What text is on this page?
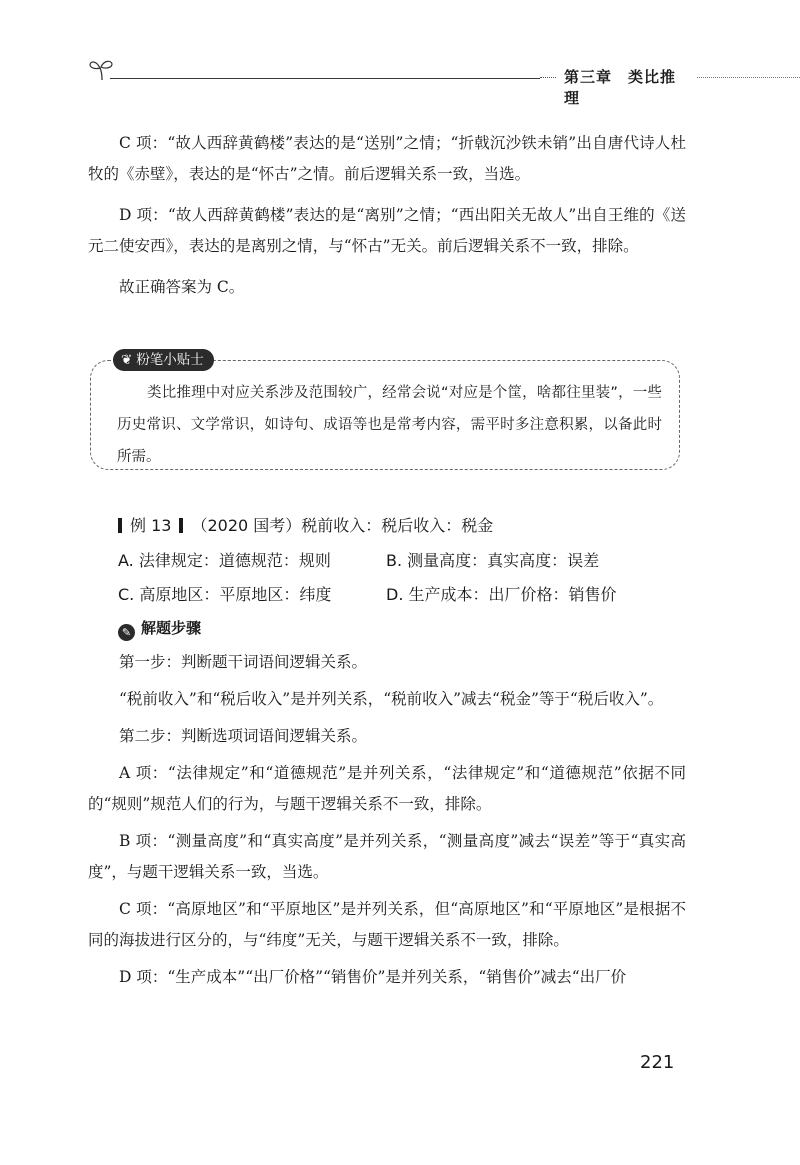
第三章 类比推理

C 项：“故人西辞黄鹤楼”表达的是“送别”之情；“折戟沉沙铁未销”出自唐代诗人杜牧的《赤壁》，表达的是“怀古”之情。前后逻辑关系一致，当选。

D 项：“故人西辞黄鹤楼”表达的是“离别”之情；“西出阳关无故人”出自王维的《送元二使安西》，表达的是离别之情，与“怀古”无关。前后逻辑关系不一致，排除。

故正确答案为 C。

❦ 粉笔小贴士
类比推理中对应关系涉及范围较广，经常会说“对应是个筐，啥都往里装”，一些历史常识、文学常识，如诗句、成语等也是常考内容，需平时多注意积累，以备此时所需。
例 13 （2020 国考）税前收入：税后收入：税金
A. 法律规定：道德规范：规则	B. 测量高度：真实高度：误差
C. 高原地区：平原地区：纬度	D. 生产成本：出厂价格：销售价
✎ 解题步骤

第一步：判断题干词语间逻辑关系。

“税前收入”和“税后收入”是并列关系，“税前收入”减去“税金”等于“税后收入”。

第二步：判断选项词语间逻辑关系。

A 项：“法律规定”和“道德规范”是并列关系，“法律规定”和“道德规范”依据不同的“规则”规范人们的行为，与题干逻辑关系不一致，排除。

B 项：“测量高度”和“真实高度”是并列关系，“测量高度”减去“误差”等于“真实高度”，与题干逻辑关系一致，当选。

C 项：“高原地区”和“平原地区”是并列关系，但“高原地区”和“平原地区”是根据不同的海拔进行区分的，与“纬度”无关，与题干逻辑关系不一致，排除。

D 项：“生产成本”“出厂价格”“销售价”是并列关系，“销售价”减去“出厂价

221
